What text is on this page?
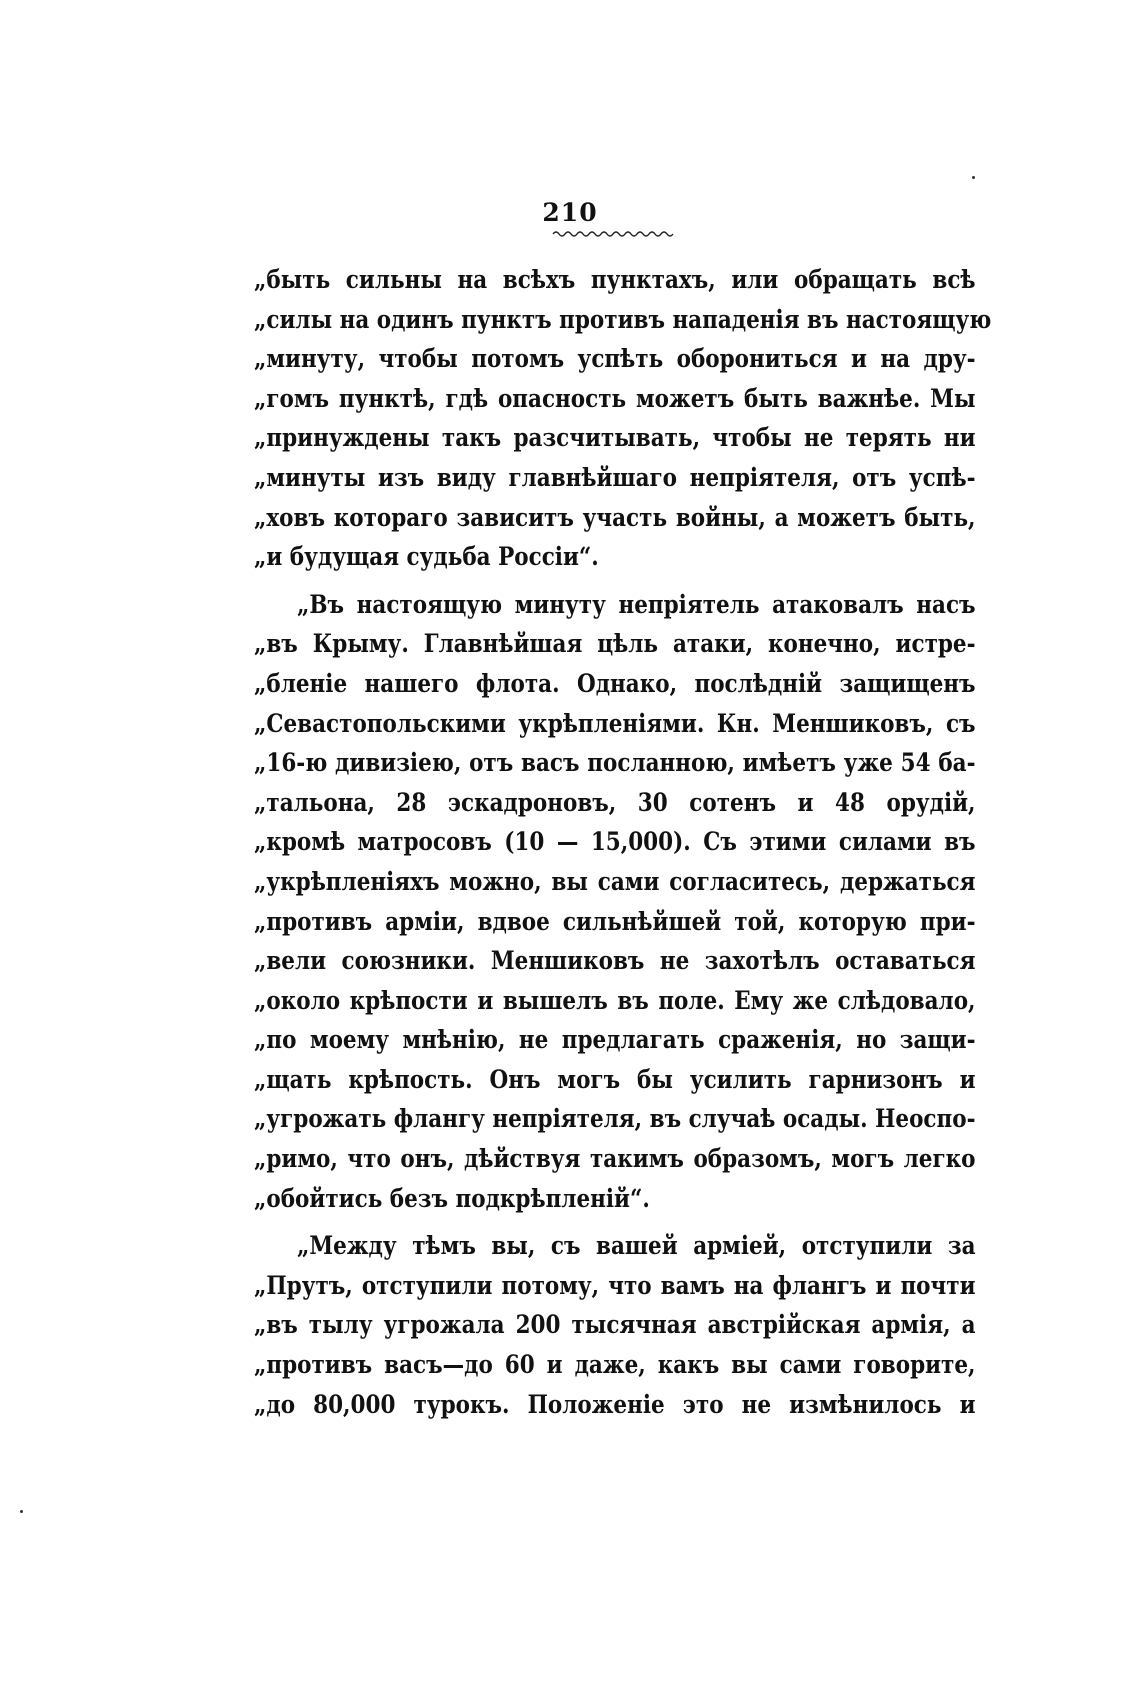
210
„быть сильны на всѣхъ пунктахъ, или обращать всѣ
„силы на одинъ пунктъ противъ нападенія въ настоящую
„минуту, чтобы потомъ успѣть оборониться и на дру-
„гомъ пунктѣ, гдѣ опасность можетъ быть важнѣе. Мы
„принуждены такъ разсчитывать, чтобы не терять ни
„минуты изъ виду главнѣйшаго непріятеля, отъ успѣ-
„ховъ котораго зависитъ участь войны, а можетъ быть,
„и будущая судьба Россіи“.
„Въ настоящую минуту непріятель атаковалъ насъ
„въ Крыму. Главнѣйшая цѣль атаки, конечно, истре-
„бленіе нашего флота. Однако, послѣдній защищенъ
„Севастопольскими укрѣпленіями. Кн. Меншиковъ, съ
„16-ю дивизіею, отъ васъ посланною, имѣетъ уже 54 ба-
„тальона, 28 эскадроновъ, 30 сотенъ и 48 орудій,
„кромѣ матросовъ (10 — 15,000). Съ этими силами въ
„укрѣпленіяхъ можно, вы сами согласитесь, держаться
„противъ арміи, вдвое сильнѣйшей той, которую при-
„вели союзники. Меншиковъ не захотѣлъ оставаться
„около крѣпости и вышелъ въ поле. Ему же слѣдовало,
„по моему мнѣнію, не предлагать сраженія, но защи-
„щать крѣпость. Онъ могъ бы усилить гарнизонъ и
„угрожать флангу непріятеля, въ случаѣ осады. Неоспо-
„римо, что онъ, дѣйствуя такимъ образомъ, могъ легко
„обойтись безъ подкрѣпленій“.
„Между тѣмъ вы, съ вашей арміей, отступили за
„Прутъ, отступили потому, что вамъ на флангъ и почти
„въ тылу угрожала 200 тысячная австрійская армія, а
„противъ васъ—до 60 и даже, какъ вы сами говорите,
„до 80,000 турокъ. Положеніе это не измѣнилось и
